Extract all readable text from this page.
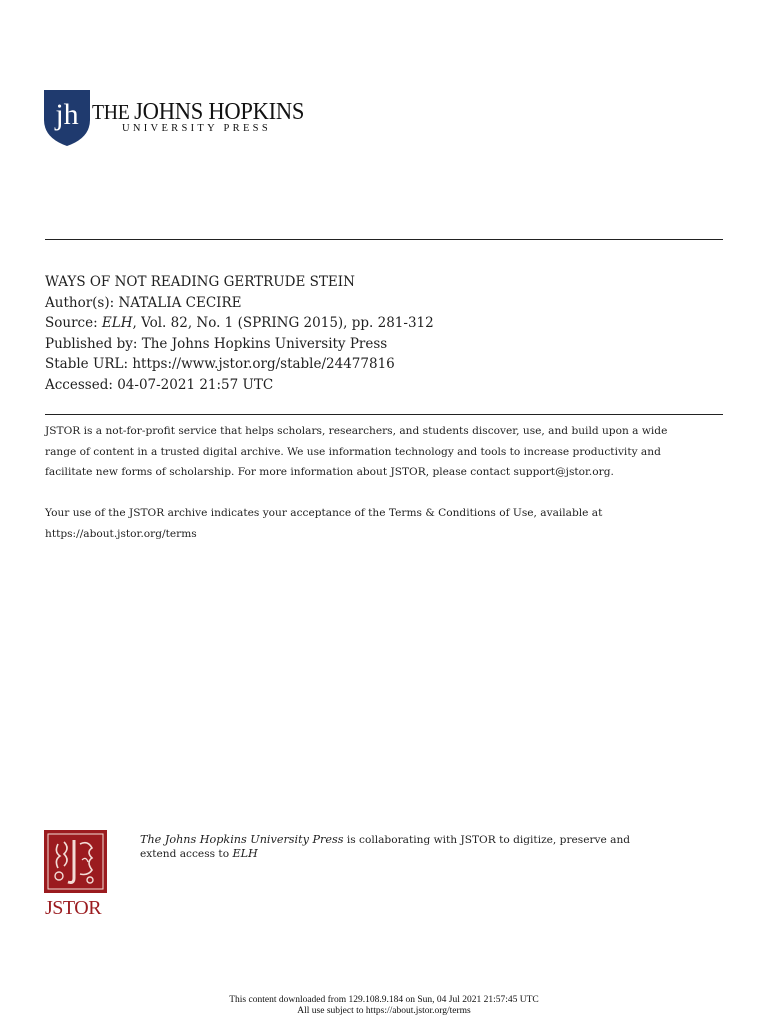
jh THE JOHNS HOPKINS
UNIVERSITY PRESS
WAYS OF NOT READING GERTRUDE STEIN
Author(s): NATALIA CECIRE
Source: ELH, Vol. 82, No. 1 (SPRING 2015), pp. 281-312
Published by: The Johns Hopkins University Press
Stable URL: https://www.jstor.org/stable/24477816
Accessed: 04-07-2021 21:57 UTC
JSTOR is a not-for-profit service that helps scholars, researchers, and students discover, use, and build upon a wide
range of content in a trusted digital archive. We use information technology and tools to increase productivity and
facilitate new forms of scholarship. For more information about JSTOR, please contact support@jstor.org.
Your use of the JSTOR archive indicates your acceptance of the Terms & Conditions of Use, available at
https://about.jstor.org/terms
JSTOR
The Johns Hopkins University Press is collaborating with JSTOR to digitize, preserve and
extend access to ELH
This content downloaded from 129.108.9.184 on Sun, 04 Jul 2021 21:57:45 UTC
All use subject to https://about.jstor.org/terms
